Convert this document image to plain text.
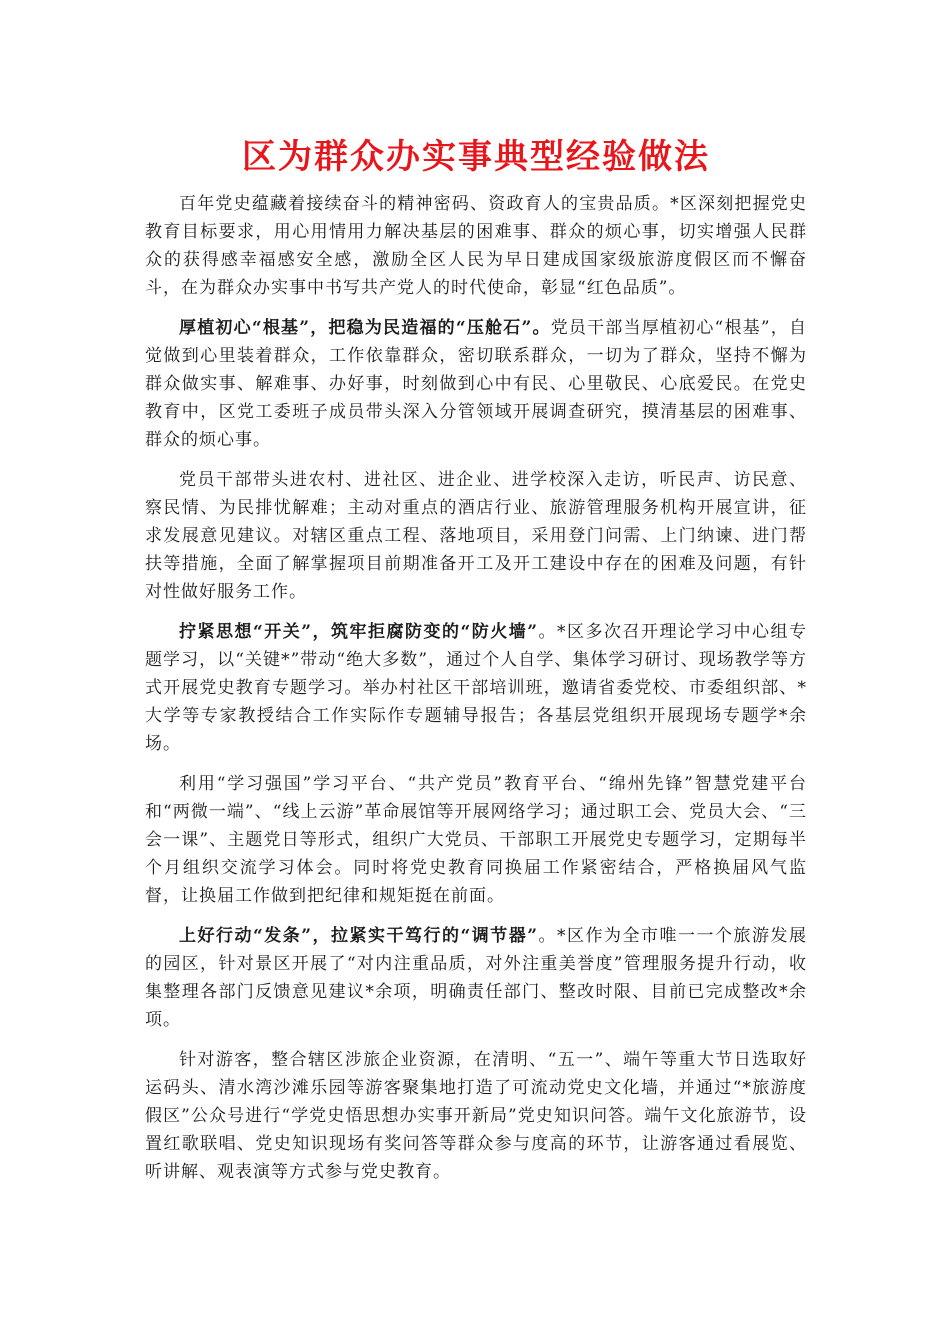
区为群众办实事典型经验做法

百年党史蕴藏着接续奋斗的精神密码、资政育人的宝贵品质。*区深刻把握党史教育目标要求，用心用情用力解决基层的困难事、群众的烦心事，切实增强人民群众的获得感幸福感安全感，激励全区人民为早日建成国家级旅游度假区而不懈奋斗，在为群众办实事中书写共产党人的时代使命，彰显“红色品质”。

厚植初心“根基”，把稳为民造福的“压舱石”。党员干部当厚植初心“根基”，自觉做到心里装着群众，工作依靠群众，密切联系群众，一切为了群众，坚持不懈为群众做实事、解难事、办好事，时刻做到心中有民、心里敬民、心底爱民。在党史教育中，区党工委班子成员带头深入分管领域开展调查研究，摸清基层的困难事、群众的烦心事。

党员干部带头进农村、进社区、进企业、进学校深入走访，听民声、访民意、察民情、为民排忧解难；主动对重点的酒店行业、旅游管理服务机构开展宣讲，征求发展意见建议。对辖区重点工程、落地项目，采用登门问需、上门纳谏、进门帮扶等措施，全面了解掌握项目前期准备开工及开工建设中存在的困难及问题，有针对性做好服务工作。

拧紧思想“开关”，筑牢拒腐防变的“防火墙”。*区多次召开理论学习中心组专题学习，以“关键*”带动“绝大多数”，通过个人自学、集体学习研讨、现场教学等方式开展党史教育专题学习。举办村社区干部培训班，邀请省委党校、市委组织部、*大学等专家教授结合工作实际作专题辅导报告；各基层党组织开展现场专题学*余场。

利用“学习强国”学习平台、“共产党员”教育平台、“绵州先锋”智慧党建平台和“两微一端”、“线上云游”革命展馆等开展网络学习；通过职工会、党员大会、“三会一课”、主题党日等形式，组织广大党员、干部职工开展党史专题学习，定期每半个月组织交流学习体会。同时将党史教育同换届工作紧密结合，严格换届风气监督，让换届工作做到把纪律和规矩挺在前面。

上好行动“发条”，拉紧实干笃行的“调节器”。*区作为全市唯一一个旅游发展的园区，针对景区开展了“对内注重品质，对外注重美誉度”管理服务提升行动，收集整理各部门反馈意见建议*余项，明确责任部门、整改时限、目前已完成整改*余项。

针对游客，整合辖区涉旅企业资源，在清明、“五一”、端午等重大节日选取好运码头、清水湾沙滩乐园等游客聚集地打造了可流动党史文化墙，并通过“*旅游度假区”公众号进行“学党史悟思想办实事开新局”党史知识问答。端午文化旅游节，设置红歌联唱、党史知识现场有奖问答等群众参与度高的环节，让游客通过看展览、听讲解、观表演等方式参与党史教育。
